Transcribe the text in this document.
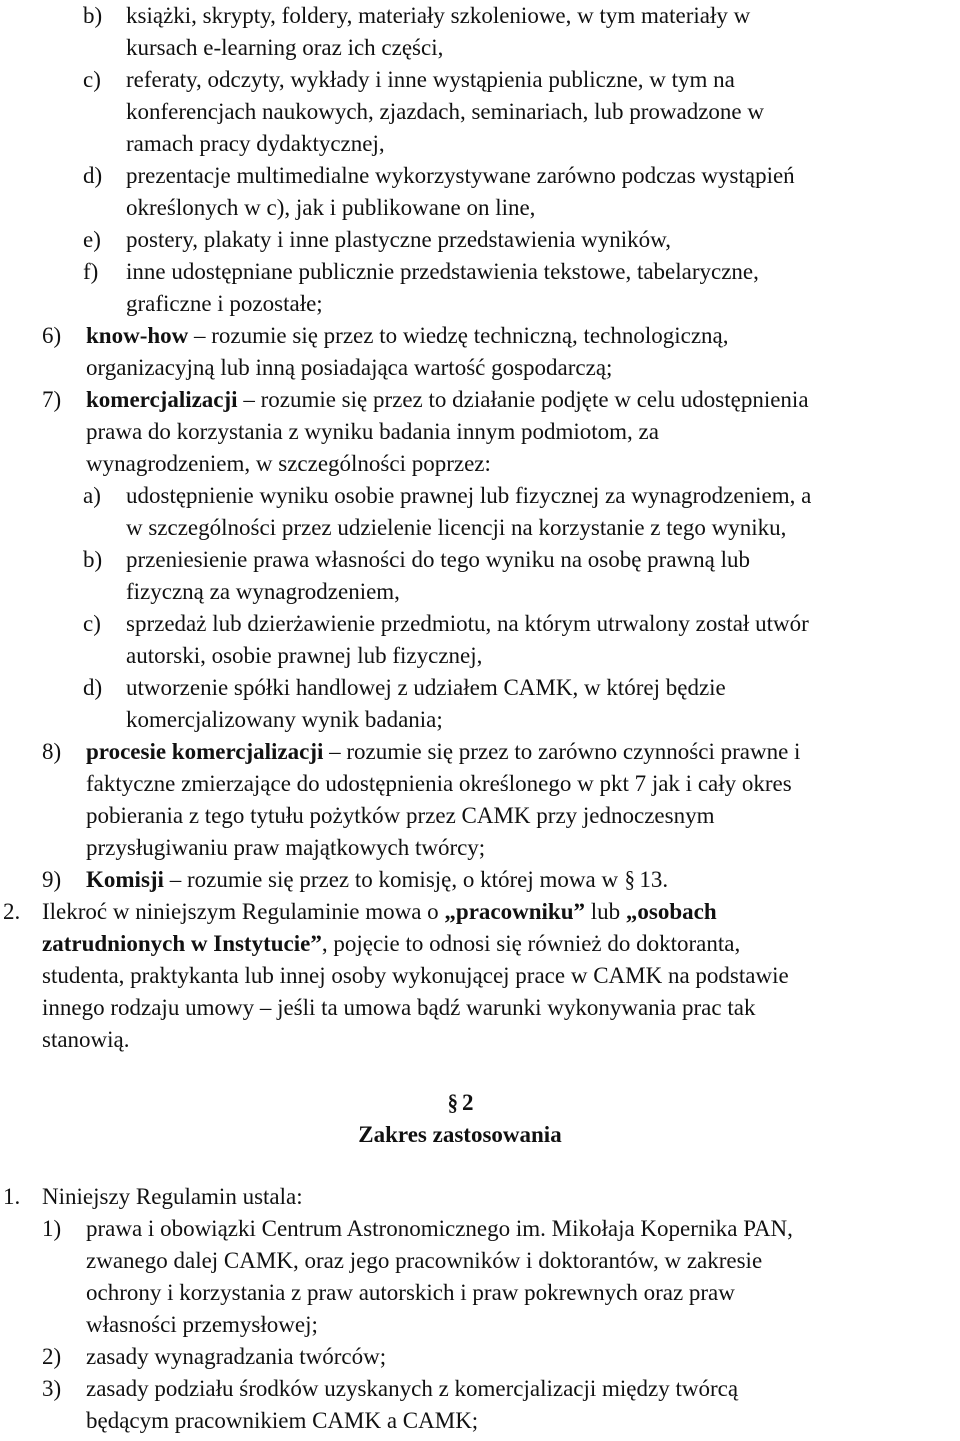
b) książki, skrypty, foldery, materiały szkoleniowe, w tym materiały w
kursach e-learning oraz ich części,
c) referaty, odczyty, wykłady i inne wystąpienia publiczne, w tym na
konferencjach naukowych, zjazdach, seminariach, lub prowadzone w
ramach pracy dydaktycznej,
d) prezentacje multimedialne wykorzystywane zarówno podczas wystąpień
określonych w c), jak i publikowane on line,
e) postery, plakaty i inne plastyczne przedstawienia wyników,
f) inne udostępniane publicznie przedstawienia tekstowe, tabelaryczne,
graficzne i pozostałe;
6) know-how – rozumie się przez to wiedzę techniczną, technologiczną,
organizacyjną lub inną posiadająca wartość gospodarczą;
7) komercjalizacji – rozumie się przez to działanie podjęte w celu udostępnienia
prawa do korzystania z wyniku badania innym podmiotom, za
wynagrodzeniem, w szczególności poprzez:
a) udostępnienie wyniku osobie prawnej lub fizycznej za wynagrodzeniem, a
w szczególności przez udzielenie licencji na korzystanie z tego wyniku,
b) przeniesienie prawa własności do tego wyniku na osobę prawną lub
fizyczną za wynagrodzeniem,
c) sprzedaż lub dzierżawienie przedmiotu, na którym utrwalony został utwór
autorski, osobie prawnej lub fizycznej,
d) utworzenie spółki handlowej z udziałem CAMK, w której będzie
komercjalizowany wynik badania;
8) procesie komercjalizacji – rozumie się przez to zarówno czynności prawne i
faktyczne zmierzające do udostępnienia określonego w pkt 7 jak i cały okres
pobierania z tego tytułu pożytków przez CAMK przy jednoczesnym
przysługiwaniu praw majątkowych twórcy;
9) Komisji – rozumie się przez to komisję, o której mowa w § 13.
2. Ilekroć w niniejszym Regulaminie mowa o „pracowniku” lub „osobach
zatrudnionych w Instytucie”, pojęcie to odnosi się również do doktoranta,
studenta, praktykanta lub innej osoby wykonującej prace w CAMK na podstawie
innego rodzaju umowy – jeśli ta umowa bądź warunki wykonywania prac tak
stanowią.
§ 2
Zakres zastosowania
1. Niniejszy Regulamin ustala:
1) prawa i obowiązki Centrum Astronomicznego im. Mikołaja Kopernika PAN,
zwanego dalej CAMK, oraz jego pracowników i doktorantów, w zakresie
ochrony i korzystania z praw autorskich i praw pokrewnych oraz praw
własności przemysłowej;
2) zasady wynagradzania twórców;
3) zasady podziału środków uzyskanych z komercjalizacji między twórcą
będącym pracownikiem CAMK a CAMK;
